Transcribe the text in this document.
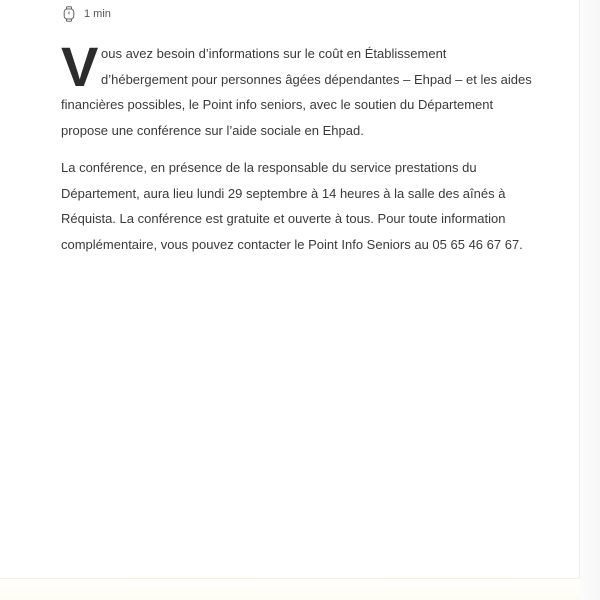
1 min
V ous avez besoin d’informations sur le coût en Établissement
d’hébergement pour personnes âgées dépendantes – Ehpad – et les aides
financières possibles, le Point info seniors, avec le soutien du Département
propose une conférence sur l’aide sociale en Ehpad.
La conférence, en présence de la responsable du service prestations du
Département, aura lieu lundi 29 septembre à 14 heures à la salle des aînés à
Réquista. La conférence est gratuite et ouverte à tous. Pour toute information
complémentaire, vous pouvez contacter le Point Info Seniors au 05 65 46 67 67.
